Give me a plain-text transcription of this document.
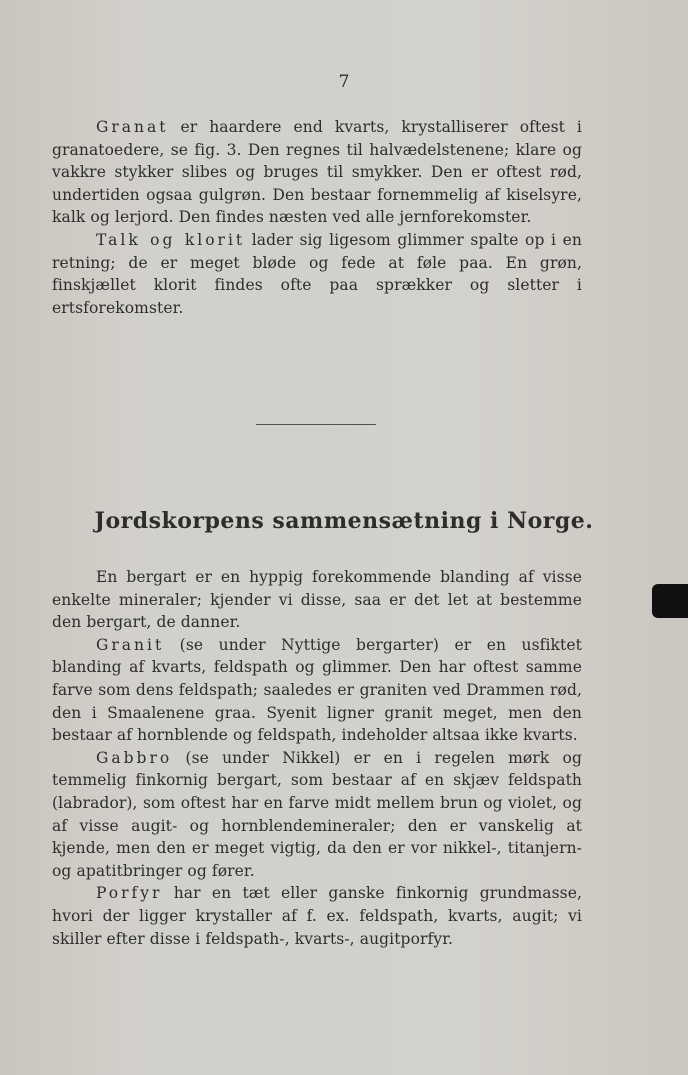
7

Granat er haardere end kvarts, krystalliserer oftest i granatoedere, se fig. 3. Den regnes til halvædelstenene; klare og vakkre stykker slibes og bruges til smykker. Den er oftest rød, undertiden ogsaa gulgrøn. Den bestaar fornemmelig af kiselsyre, kalk og lerjord. Den findes næsten ved alle jernforekomster.

Talk og klorit lader sig ligesom glimmer spalte op i en retning; de er meget bløde og fede at føle paa. En grøn, finskjællet klorit findes ofte paa sprækker og sletter i ertsforekomster.

Jordskorpens sammensætning i Norge.

En bergart er en hyppig forekommende blanding af visse enkelte mineraler; kjender vi disse, saa er det let at bestemme den bergart, de danner.

Granit (se under Nyttige bergarter) er en usfiktet blanding af kvarts, feldspath og glimmer. Den har oftest samme farve som dens feldspath; saaledes er graniten ved Drammen rød, den i Smaalenene graa. Syenit ligner granit meget, men den bestaar af hornblende og feldspath, indeholder altsaa ikke kvarts.

Gabbro (se under Nikkel) er en i regelen mørk og temmelig finkornig bergart, som bestaar af en skjæv feldspath (labrador), som oftest har en farve midt mellem brun og violet, og af visse augit- og hornblendemineraler; den er vanskelig at kjende, men den er meget vigtig, da den er vor nikkel-, titanjern- og apatitbringer og fører.

Porfyr har en tæt eller ganske finkornig grundmasse, hvori der ligger krystaller af f. ex. feldspath, kvarts, augit; vi skiller efter disse i feldspath-, kvarts-, augitporfyr.
